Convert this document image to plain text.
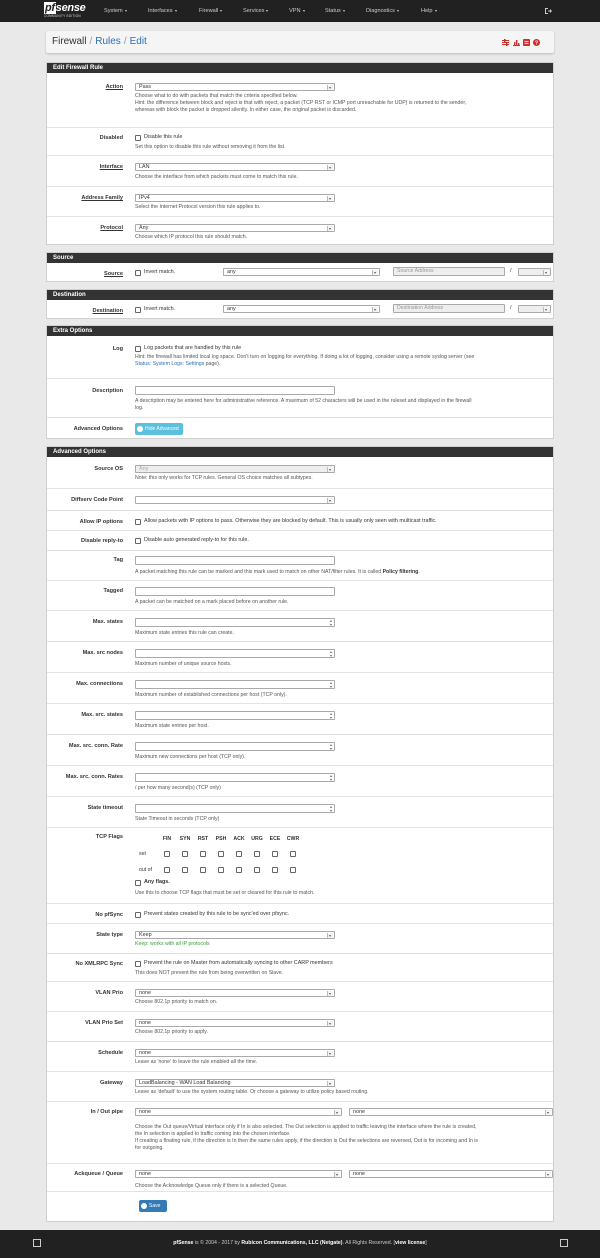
pfsense
COMMUNITY EDITION
System	Interfaces	Firewall	Services	VPN	Status	Diagnostics	Help
Firewall / Rules / Edit	?
Edit Firewall Rule
Action	Pass
Choose what to do with packets that match the criteria specified below.
Hint: the difference between block and reject is that with reject, a packet (TCP RST or ICMP port unreachable for UDP) is returned to the sender,
whereas with block the packet is dropped silently. In either case, the original packet is discarded.
Disabled	Disable this rule
Set this option to disable this rule without removing it from the list.
Interface	LAN
Choose the interface from which packets must come to match this rule.
Address Family	IPv4
Select the Internet Protocol version this rule applies to.
Protocol	Any
Choose which IP protocol this rule should match.
Source
Source	Invert match.	any	Source Address	/
Destination
Destination	Invert match.	any	Destination Address	/
Extra Options
Log	Log packets that are handled by this rule
Hint: the firewall has limited local log space. Don't turn on logging for everything. If doing a lot of logging, consider using a remote syslog server (see
Status: System Logs: Settings page).
Description
A description may be entered here for administrative reference. A maximum of 52 characters will be used in the ruleset and displayed in the firewall
log.
Advanced Options	Hide Advanced
Advanced Options
Source OS	Any
Note: this only works for TCP rules. General OS choice matches all subtypes.
Diffserv Code Point
Allow IP options	Allow packets with IP options to pass. Otherwise they are blocked by default. This is usually only seen with multicast traffic.
Disable reply-to	Disable auto generated reply-to for this rule.
Tag
A packet matching this rule can be marked and this mark used to match on other NAT/filter rules. It is called Policy filtering.
Tagged
A packet can be matched on a mark placed before on another rule.
Max. states
Maximum state entries this rule can create.
Max. src nodes
Maximum number of unique source hosts.
Max. connections
Maximum number of established connections per host (TCP only).
Max. src. states
Maximum state entries per host.
Max. src. conn. Rate
Maximum new connections per host (TCP only).
Max. src. conn. Rates
/ per how many second(s) (TCP only)
State timeout
State Timeout in seconds (TCP only)
TCP Flags	FIN	SYN	RST	PSH	ACK	URG	ECE	CWR
set
out of
Any flags.
Use this to choose TCP flags that must be set or cleared for this rule to match.
No pfSync	Prevent states created by this rule to be sync'ed over pfsync.
State type	Keep
Keep: works with all IP protocols
No XMLRPC Sync	Prevent the rule on Master from automatically syncing to other CARP members
This does NOT prevent the rule from being overwritten on Slave.
VLAN Prio	none
Choose 802.1p priority to match on.
VLAN Prio Set	none
Choose 802.1p priority to apply.
Schedule	none
Leave as 'none' to leave the rule enabled all the time.
Gateway	LoadBalancing - WAN Load Balancing
Leave as 'default' to use the system routing table. Or choose a gateway to utilize policy based routing.
In / Out pipe	none	none
Choose the Out queue/Virtual interface only if In is also selected. The Out selection is applied to traffic leaving the interface where the rule is created,
the In selection is applied to traffic coming into the chosen interface.
If creating a floating rule, if the direction is In then the same rules apply, if the direction is Out the selections are reversed, Out is for incoming and In is
for outgoing.
Ackqueue / Queue	none	none
Choose the Acknowledge Queue only if there is a selected Queue.
Save
pfSense is © 2004 - 2017 by Rubicon Communications, LLC (Netgate). All Rights Reserved. [view license]
